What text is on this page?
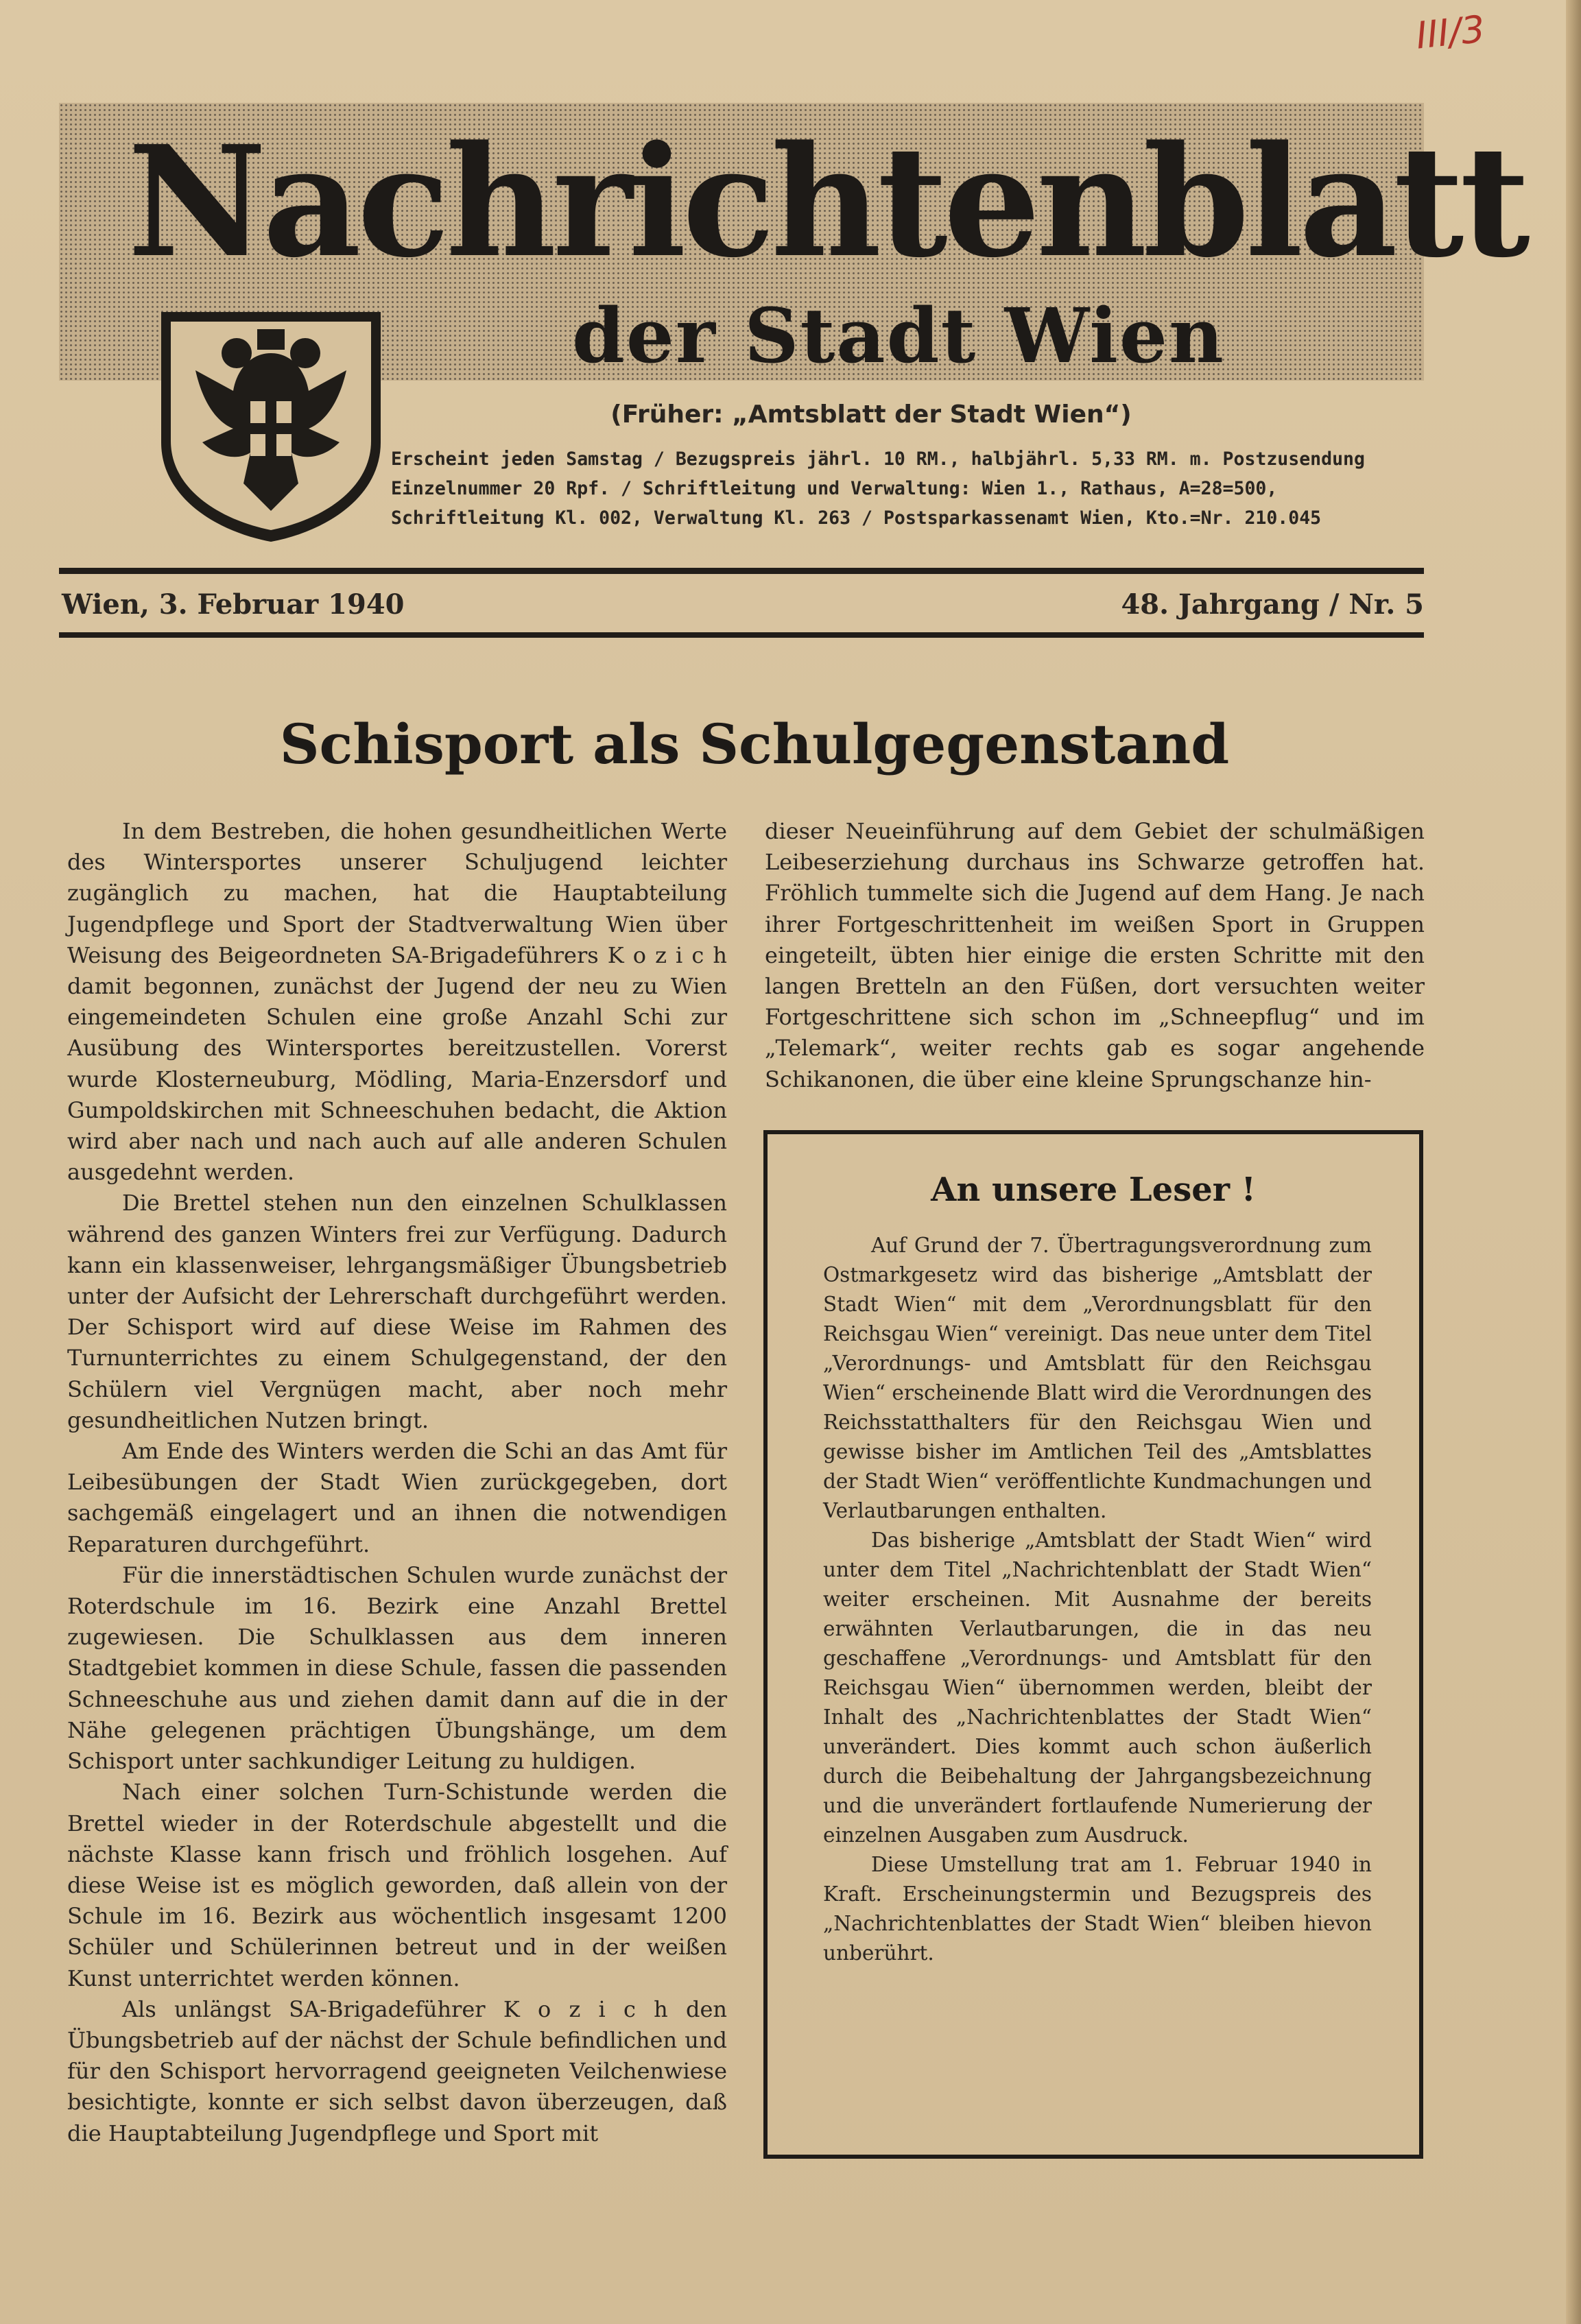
III/3
Nachrichtenblatt
der Stadt Wien
(Früher: „Amtsblatt der Stadt Wien“)
Erscheint jeden Samstag / Bezugspreis jährl. 10 RM., halbjährl. 5,33 RM. m. Postzusendung
Einzelnummer 20 Rpf. / Schriftleitung und Verwaltung: Wien 1., Rathaus, A=28=500,
Schriftleitung Kl. 002, Verwaltung Kl. 263 / Postsparkassenamt Wien, Kto.=Nr. 210.045
Wien, 3. Februar 1940	48. Jahrgang / Nr. 5
Schisport als Schulgegenstand

In dem Bestreben, die hohen gesundheitlichen Werte des Wintersportes unserer Schuljugend leichter zugänglich zu machen, hat die Hauptabteilung Jugendpflege und Sport der Stadtverwaltung Wien über Weisung des Beigeordneten SA-Brigadeführers K o z i c h damit begonnen, zunächst der Jugend der neu zu Wien eingemeindeten Schulen eine große Anzahl Schi zur Ausübung des Wintersportes bereitzustellen. Vorerst wurde Klosterneuburg, Mödling, Maria-Enzersdorf und Gumpoldskirchen mit Schneeschuhen bedacht, die Aktion wird aber nach und nach auch auf alle anderen Schulen ausgedehnt werden.

Die Brettel stehen nun den einzelnen Schulklassen während des ganzen Winters frei zur Verfügung. Dadurch kann ein klassenweiser, lehrgangsmäßiger Übungsbetrieb unter der Aufsicht der Lehrerschaft durchgeführt werden. Der Schisport wird auf diese Weise im Rahmen des Turnunterrichtes zu einem Schulgegenstand, der den Schülern viel Vergnügen macht, aber noch mehr gesundheitlichen Nutzen bringt.

Am Ende des Winters werden die Schi an das Amt für Leibesübungen der Stadt Wien zurückgegeben, dort sachgemäß eingelagert und an ihnen die notwendigen Reparaturen durchgeführt.

Für die innerstädtischen Schulen wurde zunächst der Roterdschule im 16. Bezirk eine Anzahl Brettel zugewiesen. Die Schulklassen aus dem inneren Stadtgebiet kommen in diese Schule, fassen die passenden Schneeschuhe aus und ziehen damit dann auf die in der Nähe gelegenen prächtigen Übungshänge, um dem Schisport unter sachkundiger Leitung zu huldigen.

Nach einer solchen Turn-Schistunde werden die Brettel wieder in der Roterdschule abgestellt und die nächste Klasse kann frisch und fröhlich losgehen. Auf diese Weise ist es möglich geworden, daß allein von der Schule im 16. Bezirk aus wöchentlich insgesamt 1200 Schüler und Schülerinnen betreut und in der weißen Kunst unterrichtet werden können.

Als unlängst SA-Brigadeführer K o z i c h den Übungsbetrieb auf der nächst der Schule befindlichen und für den Schisport hervorragend geeigneten Veilchenwiese besichtigte, konnte er sich selbst davon überzeugen, daß die Hauptabteilung Jugendpflege und Sport mit

dieser Neueinführung auf dem Gebiet der schulmäßigen Leibeserziehung durchaus ins Schwarze getroffen hat. Fröhlich tummelte sich die Jugend auf dem Hang. Je nach ihrer Fortgeschrittenheit im weißen Sport in Gruppen eingeteilt, übten hier einige die ersten Schritte mit den langen Bretteln an den Füßen, dort versuchten weiter Fortgeschrittene sich schon im „Schneepflug“ und im „Telemark“, weiter rechts gab es sogar angehende Schikanonen, die über eine kleine Sprungschanze hin-
An unsere Leser !

Auf Grund der 7. Übertragungsverordnung zum Ostmarkgesetz wird das bisherige „Amtsblatt der Stadt Wien“ mit dem „Verordnungsblatt für den Reichsgau Wien“ vereinigt. Das neue unter dem Titel „Verordnungs- und Amtsblatt für den Reichsgau Wien“ erscheinende Blatt wird die Verordnungen des Reichsstatthalters für den Reichsgau Wien und gewisse bisher im Amtlichen Teil des „Amtsblattes der Stadt Wien“ veröffentlichte Kundmachungen und Verlautbarungen enthalten.

Das bisherige „Amtsblatt der Stadt Wien“ wird unter dem Titel „Nachrichtenblatt der Stadt Wien“ weiter erscheinen. Mit Ausnahme der bereits erwähnten Verlautbarungen, die in das neu geschaffene „Verordnungs- und Amtsblatt für den Reichsgau Wien“ übernommen werden, bleibt der Inhalt des „Nachrichtenblattes der Stadt Wien“ unverändert. Dies kommt auch schon äußerlich durch die Beibehaltung der Jahrgangsbezeichnung und die unverändert fortlaufende Numerierung der einzelnen Ausgaben zum Ausdruck.

Diese Umstellung trat am 1. Februar 1940 in Kraft. Erscheinungstermin und Bezugspreis des „Nachrichtenblattes der Stadt Wien“ bleiben hievon unberührt.
